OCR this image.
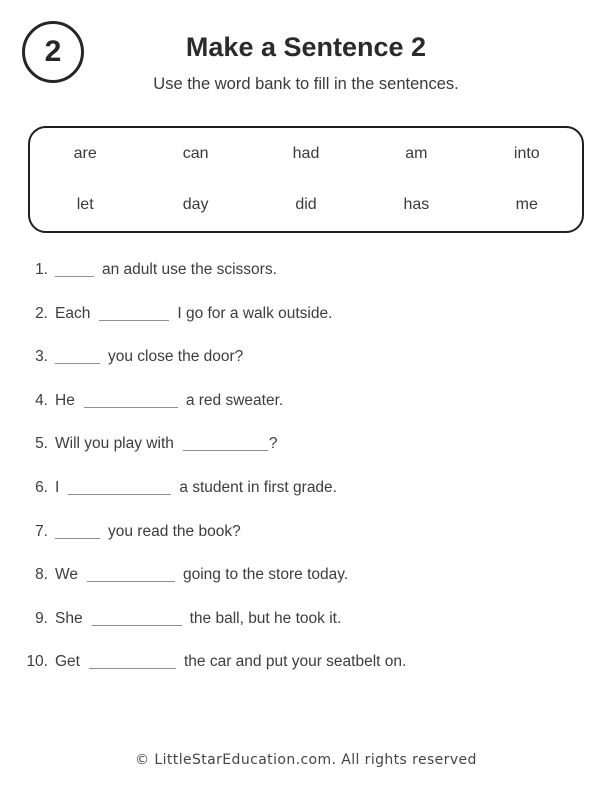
2	Make a Sentence 2

Use the word bank to fill in the sentences.

are	can	had	am	into
let	day	did	has	me
1.	an adult use the scissors.
2. Each	I go for a walk outside.
3.	you close the door?
4. He	a red sweater.
5. Will you play with	?
6. I	a student in first grade.
7.	you read the book?
8. We	going to the store today.
9. She	the ball, but he took it.
10. Get	the car and put your seatbelt on.
© LittleStarEducation.com. All rights reserved
